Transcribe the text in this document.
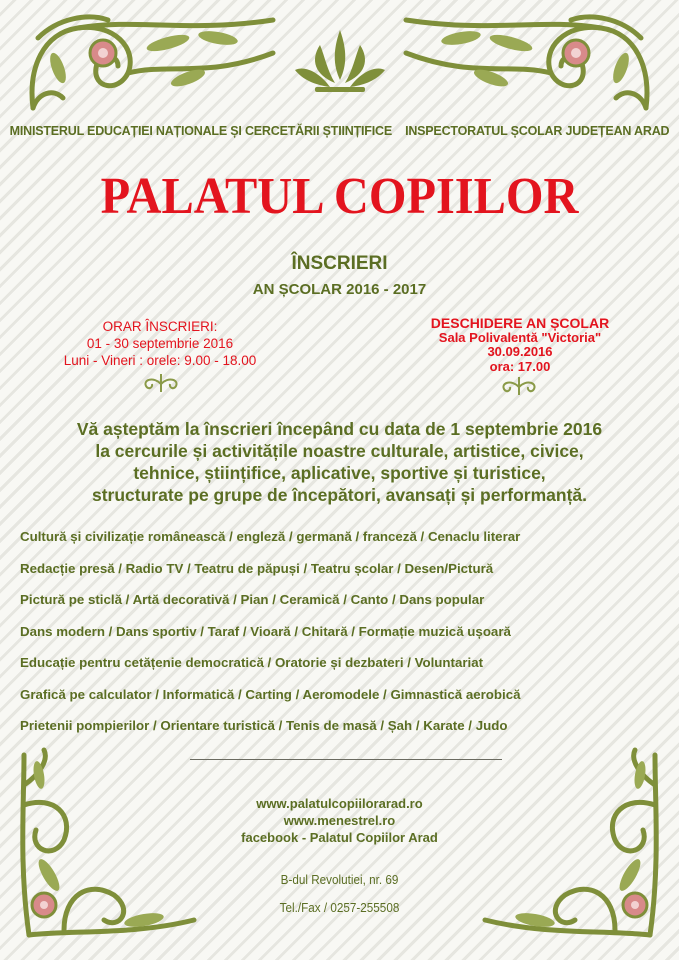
MINISTERUL EDUCAȚIEI NAȚIONALE ȘI CERCETĂRII ȘTIINȚIFICE INSPECTORATUL ȘCOLAR JUDEȚEAN ARAD
PALATUL COPIILOR
ÎNSCRIERI
AN ȘCOLAR 2016 - 2017
ORAR ÎNSCRIERI:
01 - 30 septembrie 2016
Luni - Vineri : orele: 9.00 - 18.00
DESCHIDERE AN ȘCOLAR
Sala Polivalentă "Victoria"
30.09.2016
ora: 17.00
Vă așteptăm la înscrieri începând cu data de 1 septembrie 2016
la cercurile și activitățile noastre culturale, artistice, civice,
tehnice, științifice, aplicative, sportive și turistice,
structurate pe grupe de începători, avansați și performanță.
Cultură și civilizație românească / engleză / germană / franceză / Cenaclu literar
Redacție presă / Radio TV / Teatru de păpuși / Teatru școlar / Desen/Pictură
Pictură pe sticlă / Artă decorativă / Pian / Ceramică / Canto / Dans popular
Dans modern / Dans sportiv / Taraf / Vioară / Chitară / Formație muzică ușoară
Educație pentru cetățenie democratică / Oratorie și dezbateri / Voluntariat
Grafică pe calculator / Informatică / Carting / Aeromodele / Gimnastică aerobică
Prietenii pompierilor / Orientare turistică / Tenis de masă / Șah / Karate / Judo
www.palatulcopiilorarad.ro
www.menestrel.ro
facebook - Palatul Copiilor Arad
B-dul Revolutiei, nr. 69
Tel./Fax / 0257-255508
